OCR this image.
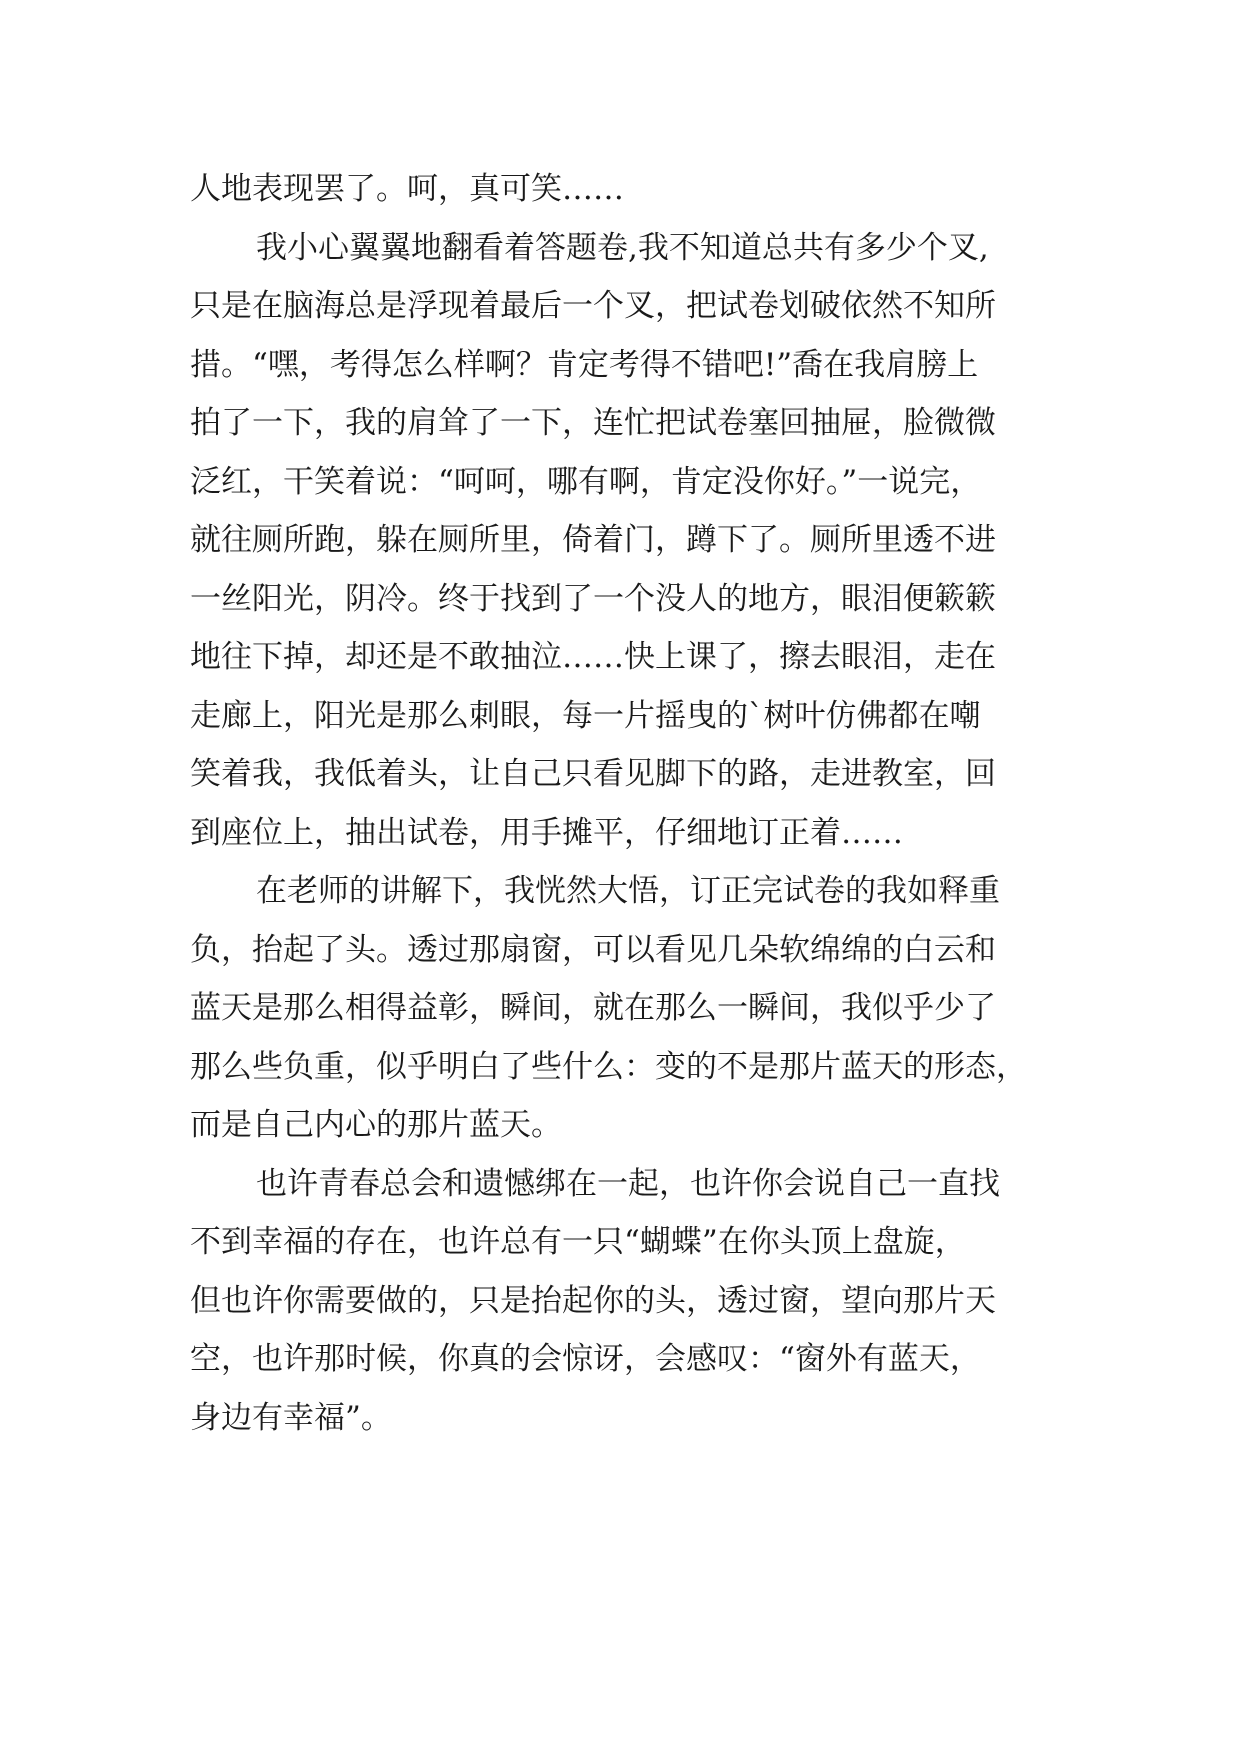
人地表现罢了。呵，真可笑……
我小心翼翼地翻看着答题卷,我不知道总共有多少个叉,
只是在脑海总是浮现着最后一个叉，把试卷划破依然不知所
措。“嘿，考得怎么样啊？肯定考得不错吧!”喬在我肩膀上
拍了一下，我的肩耸了一下，连忙把试卷塞回抽屉，脸微微
泛红，干笑着说：“呵呵，哪有啊，肯定没你好。”一说完，
就往厕所跑，躲在厕所里，倚着门，蹲下了。厕所里透不进
一丝阳光，阴冷。终于找到了一个没人的地方，眼泪便簌簌
地往下掉，却还是不敢抽泣……快上课了，擦去眼泪，走在
走廊上，阳光是那么刺眼，每一片摇曳的`树叶仿佛都在嘲
笑着我，我低着头，让自己只看见脚下的路，走进教室，回
到座位上，抽出试卷，用手摊平，仔细地订正着……
在老师的讲解下，我恍然大悟，订正完试卷的我如释重
负，抬起了头。透过那扇窗，可以看见几朵软绵绵的白云和
蓝天是那么相得益彰，瞬间，就在那么一瞬间，我似乎少了
那么些负重，似乎明白了些什么：变的不是那片蓝天的形态，
而是自己内心的那片蓝天。
也许青春总会和遗憾绑在一起，也许你会说自己一直找
不到幸福的存在，也许总有一只“蝴蝶”在你头顶上盘旋，
但也许你需要做的，只是抬起你的头，透过窗，望向那片天
空，也许那时候，你真的会惊讶，会感叹：“窗外有蓝天，
身边有幸福”。
